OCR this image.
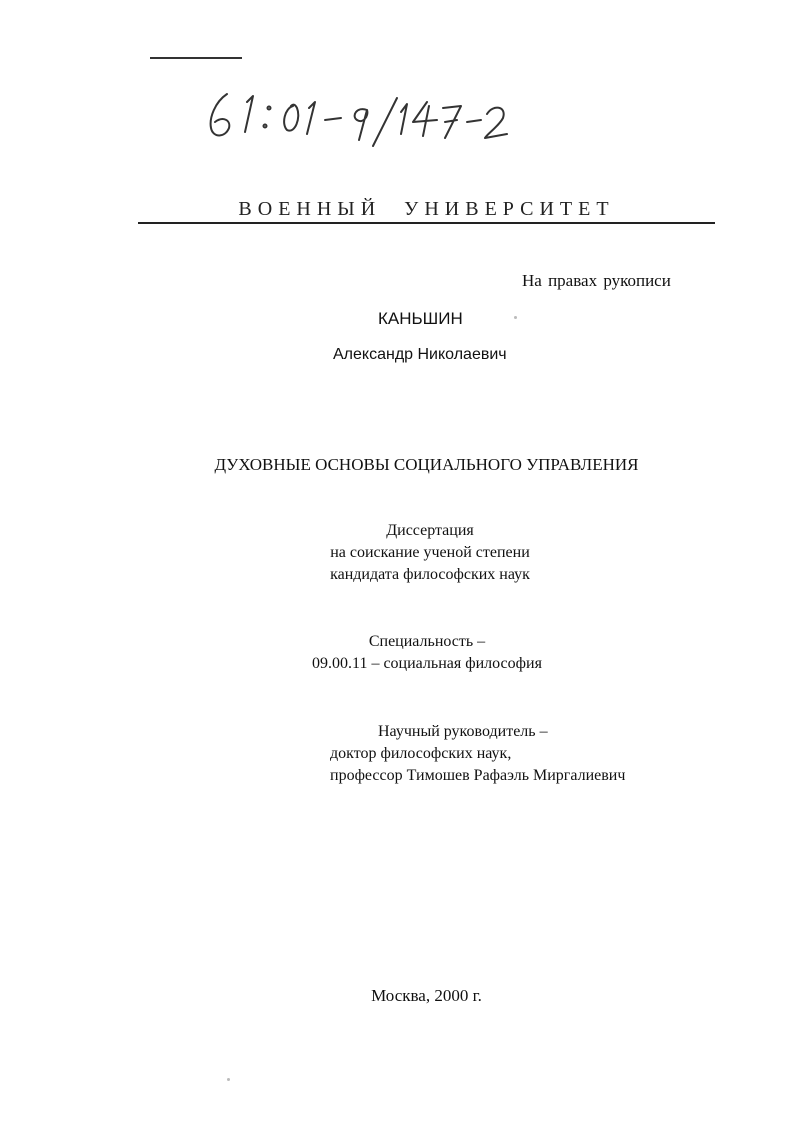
ВОЕННЫЙ УНИВЕРСИТЕТ
На правах рукописи
КАНЬШИН
Александр Николаевич
ДУХОВНЫЕ ОСНОВЫ СОЦИАЛЬНОГО УПРАВЛЕНИЯ
Диссертация
на соискание ученой степени
кандидата философских наук
Специальность –
09.00.11 – социальная философия
Научный руководитель –
доктор философских наук,
профессор Тимошев Рафаэль Миргалиевич
Москва, 2000 г.
